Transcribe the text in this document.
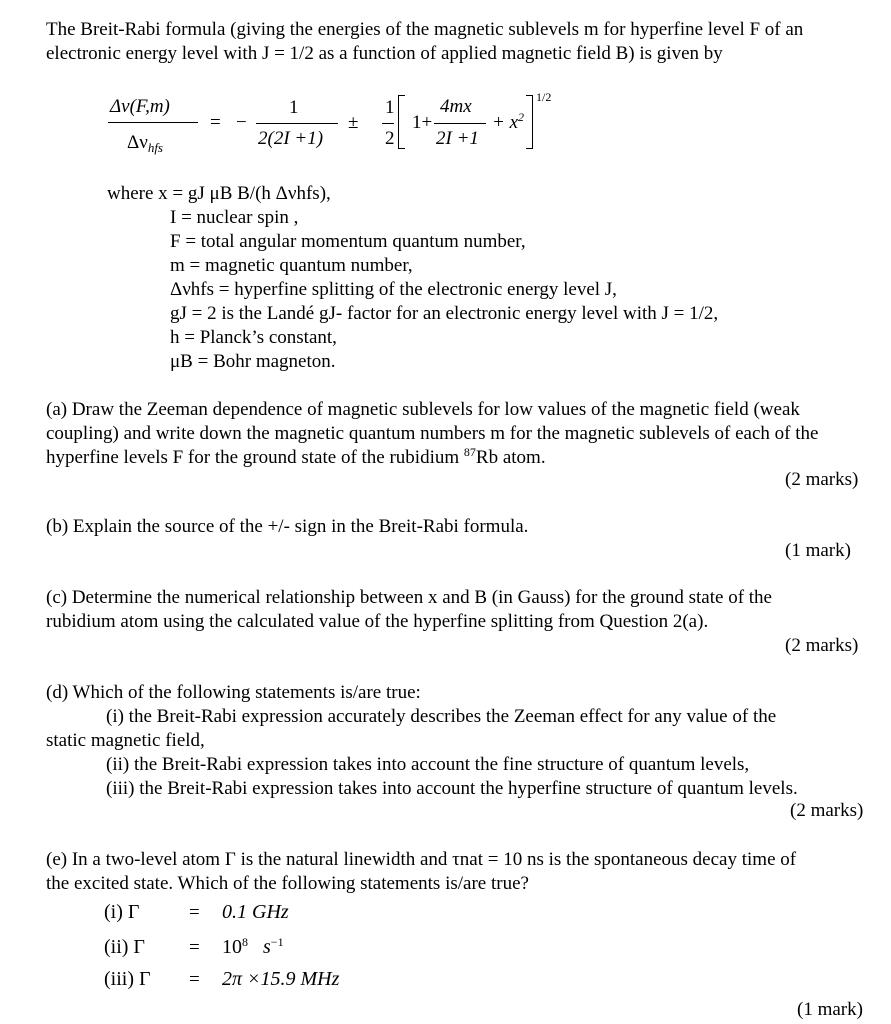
The Breit-Rabi formula (giving the energies of the magnetic sublevels m for hyperfine level F of an
electronic energy level with J = 1/2 as a function of applied magnetic field B) is given by
Δν(F,m)
$\Delta\nu_{hfs}$
= −
1
2(2I +1)
±
1
2
1+
4mx
2I +1
+ $x^2$
1/2
where x = gJ μB B/(h Δνhfs),
I = nuclear spin ,
F = total angular momentum quantum number,
m = magnetic quantum number,
Δνhfs = hyperfine splitting of the electronic energy level J,
gJ = 2 is the Landé gJ- factor for an electronic energy level with J = 1/2,
h = Planck’s constant,
μB = Bohr magneton.
(a) Draw the Zeeman dependence of magnetic sublevels for low values of the magnetic field (weak
coupling) and write down the magnetic quantum numbers m for the magnetic sublevels of each of the
hyperfine levels F for the ground state of the rubidium $^{87}$Rb atom.
(2 marks)
(b) Explain the source of the +/- sign in the Breit-Rabi formula.
(1 mark)
(c) Determine the numerical relationship between x and B (in Gauss) for the ground state of the
rubidium atom using the calculated value of the hyperfine splitting from Question 2(a).
(2 marks)
(d) Which of the following statements is/are true:
(i) the Breit-Rabi expression accurately describes the Zeeman effect for any value of the
static magnetic field,
(ii) the Breit-Rabi expression takes into account the fine structure of quantum levels,
(iii) the Breit-Rabi expression takes into account the hyperfine structure of quantum levels.
(2 marks)
(e) In a two-level atom Γ is the natural linewidth and τnat = 10 ns is the spontaneous decay time of
the excited state. Which of the following statements is/are true?
(i) Γ	= 0.1 GHz
(ii) $\Gamma = 10^8$ $s^{-1}$
(iii) Γ = 2π ×15.9 MHz
(1 mark)
